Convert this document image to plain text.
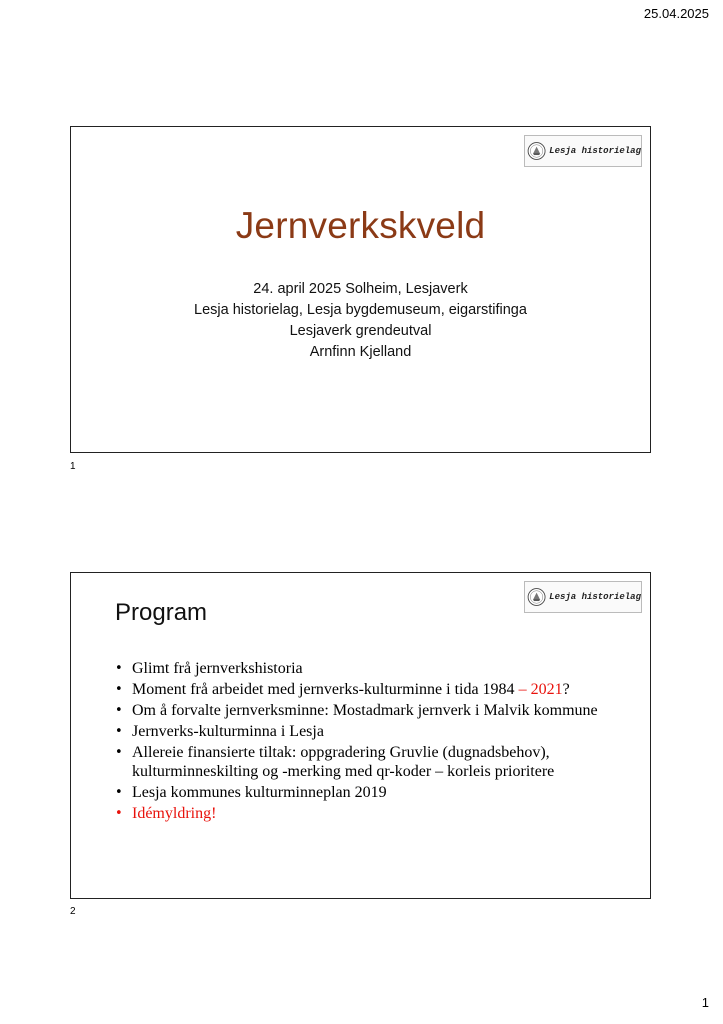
25.04.2025
Lesja historielag
Jernverkskveld
24. april 2025 Solheim, Lesjaverk
Lesja historielag, Lesja bygdemuseum, eigarstifinga
Lesjaverk grendeutval
Arnfinn Kjelland
1
Lesja historielag
Program
• Glimt frå jernverkshistoria
• Moment frå arbeidet med jernverks-kulturminne i tida 1984 – 2021?
• Om å forvalte jernverksminne: Mostadmark jernverk i Malvik kommune
• Jernverks-kulturminna i Lesja
• Allereie finansierte tiltak: oppgradering Gruvlie (dugnadsbehov), kulturminneskilting og -merking med qr-koder – korleis prioritere
• Lesja kommunes kulturminneplan 2019
• Idémyldring!
2
1
